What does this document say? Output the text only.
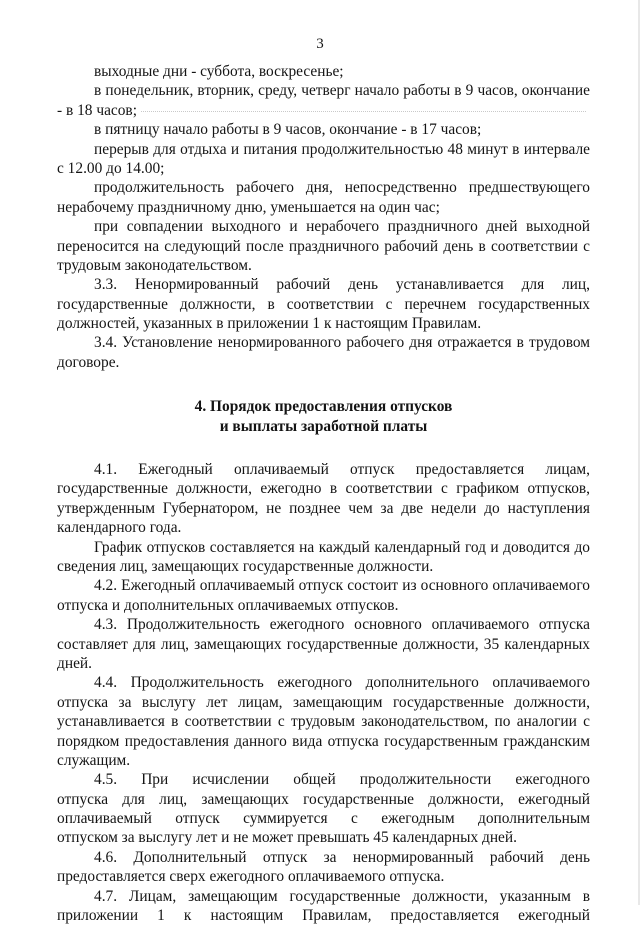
3
выходные дни - суббота, воскресенье;
в понедельник, вторник, среду, четверг начало работы в 9 часов, окончание
- в 18 часов;
в пятницу начало работы в 9 часов, окончание - в 17 часов;
перерыв для отдыха и питания продолжительностью 48 минут в интервале
с 12.00 до 14.00;
продолжительность рабочего дня, непосредственно предшествующего
нерабочему праздничному дню, уменьшается на один час;
при совпадении выходного и нерабочего праздничного дней выходной
переносится на следующий после праздничного рабочий день в соответствии с
трудовым законодательством.
3.3. Ненормированный рабочий день устанавливается для лиц,
государственные должности, в соответствии с перечнем государственных
должностей, указанных в приложении 1 к настоящим Правилам.
3.4. Установление ненормированного рабочего дня отражается в трудовом
договоре.
4. Порядок предоставления отпусков
и выплаты заработной платы
4.1. Ежегодный оплачиваемый отпуск предоставляется лицам,
государственные должности, ежегодно в соответствии с графиком отпусков,
утвержденным Губернатором, не позднее чем за две недели до наступления
календарного года.
График отпусков составляется на каждый календарный год и доводится до
сведения лиц, замещающих государственные должности.
4.2. Ежегодный оплачиваемый отпуск состоит из основного оплачиваемого
отпуска и дополнительных оплачиваемых отпусков.
4.3. Продолжительность ежегодного основного оплачиваемого отпуска
составляет для лиц, замещающих государственные должности, 35 календарных
дней.
4.4. Продолжительность ежегодного дополнительного оплачиваемого
отпуска за выслугу лет лицам, замещающим государственные должности,
устанавливается в соответствии с трудовым законодательством, по аналогии с
порядком предоставления данного вида отпуска государственным гражданским
служащим.
4.5. При исчислении общей продолжительности ежегодного
отпуска для лиц, замещающих государственные должности, ежегодный
оплачиваемый отпуск суммируется с ежегодным дополнительным
отпуском за выслугу лет и не может превышать 45 календарных дней.
4.6. Дополнительный отпуск за ненормированный рабочий день
предоставляется сверх ежегодного оплачиваемого отпуска.
4.7. Лицам, замещающим государственные должности, указанным в
приложении 1 к настоящим Правилам, предоставляется ежегодный
